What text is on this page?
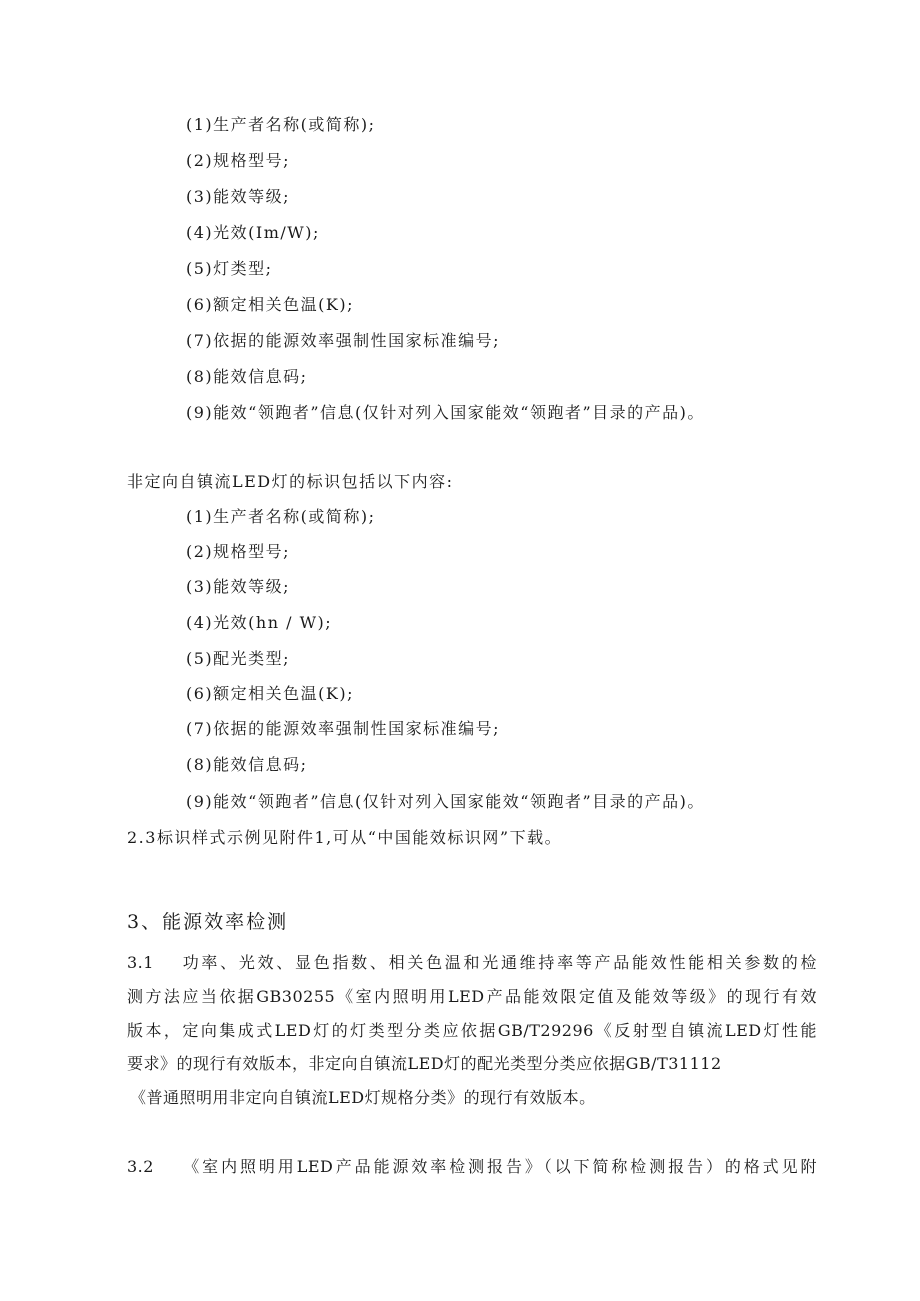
(1)生产者名称(或简称);
(2)规格型号;
(3)能效等级;
(4)光效(Im/W);
(5)灯类型;
(6)额定相关色温(K);
(7)依据的能源效率强制性国家标准编号;
(8)能效信息码;
(9)能效“领跑者”信息(仅针对列入国家能效“领跑者”目录的产品)。
非定向自镇流LED灯的标识包括以下内容:
(1)生产者名称(或简称);
(2)规格型号;
(3)能效等级;
(4)光效(hn / W);
(5)配光类型;
(6)额定相关色温(K);
(7)依据的能源效率强制性国家标准编号;
(8)能效信息码;
(9)能效“领跑者”信息(仅针对列入国家能效“领跑者”目录的产品)。
2.3标识样式示例见附件1,可从“中国能效标识网”下载。
3、能源效率检测
3.1　 功率、光效、显色指数、相关色温和光通维持率等产品能效性能相关参数的检
测方法应当依据GB30255《室内照明用LED产品能效限定值及能效等级》的现行有效
版本，定向集成式LED灯的灯类型分类应依据GB/T29296《反射型自镇流LED灯性能
要求》的现行有效版本，非定向自镇流LED灯的配光类型分类应依据GB/T31112
《普通照明用非定向自镇流LED灯规格分类》的现行有效版本。
3.2　 《室内照明用LED产品能源效率检测报告》（以下简称检测报告）的格式见附
